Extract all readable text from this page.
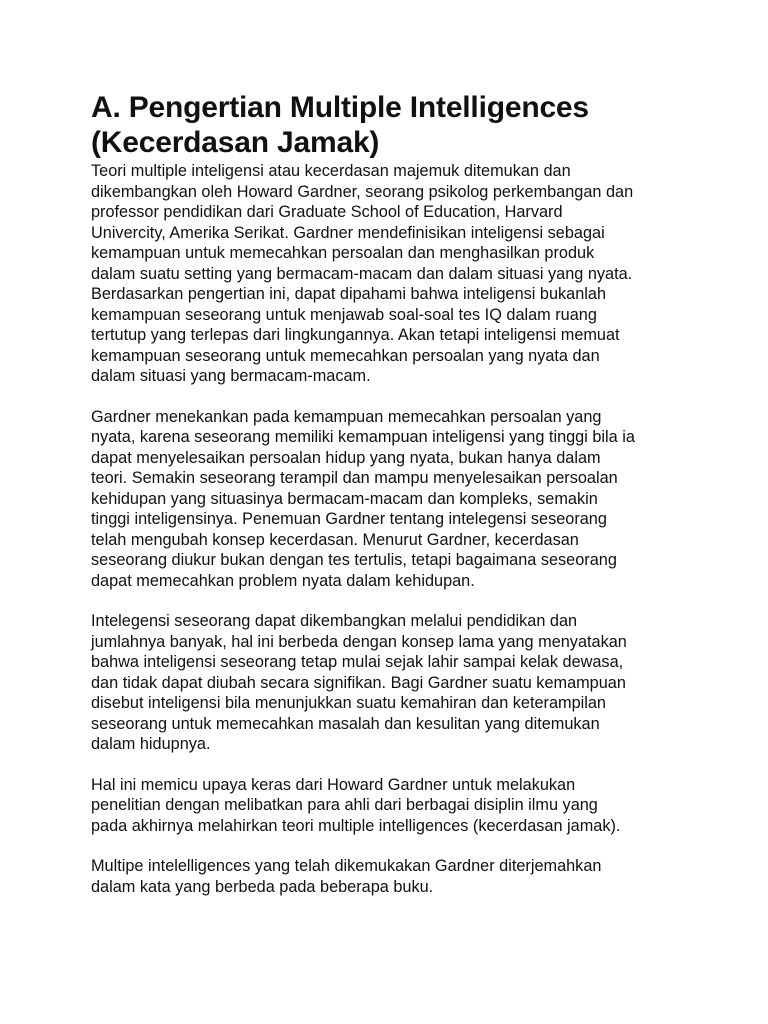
A. Pengertian Multiple Intelligences
(Kecerdasan Jamak)

Teori multiple inteligensi atau kecerdasan majemuk ditemukan dan
dikembangkan oleh Howard Gardner, seorang psikolog perkembangan dan
professor pendidikan dari Graduate School of Education, Harvard
Univercity, Amerika Serikat. Gardner mendefinisikan inteligensi sebagai
kemampuan untuk memecahkan persoalan dan menghasilkan produk
dalam suatu setting yang bermacam-macam dan dalam situasi yang nyata.
Berdasarkan pengertian ini, dapat dipahami bahwa inteligensi bukanlah
kemampuan seseorang untuk menjawab soal-soal tes IQ dalam ruang
tertutup yang terlepas dari lingkungannya. Akan tetapi inteligensi memuat
kemampuan seseorang untuk memecahkan persoalan yang nyata dan
dalam situasi yang bermacam-macam.

Gardner menekankan pada kemampuan memecahkan persoalan yang
nyata, karena seseorang memiliki kemampuan inteligensi yang tinggi bila ia
dapat menyelesaikan persoalan hidup yang nyata, bukan hanya dalam
teori. Semakin seseorang terampil dan mampu menyelesaikan persoalan
kehidupan yang situasinya bermacam-macam dan kompleks, semakin
tinggi inteligensinya. Penemuan Gardner tentang intelegensi seseorang
telah mengubah konsep kecerdasan. Menurut Gardner, kecerdasan
seseorang diukur bukan dengan tes tertulis, tetapi bagaimana seseorang
dapat memecahkan problem nyata dalam kehidupan.

Intelegensi seseorang dapat dikembangkan melalui pendidikan dan
jumlahnya banyak, hal ini berbeda dengan konsep lama yang menyatakan
bahwa inteligensi seseorang tetap mulai sejak lahir sampai kelak dewasa,
dan tidak dapat diubah secara signifikan. Bagi Gardner suatu kemampuan
disebut inteligensi bila menunjukkan suatu kemahiran dan keterampilan
seseorang untuk memecahkan masalah dan kesulitan yang ditemukan
dalam hidupnya.

Hal ini memicu upaya keras dari Howard Gardner untuk melakukan
penelitian dengan melibatkan para ahli dari berbagai disiplin ilmu yang
pada akhirnya melahirkan teori multiple intelligences (kecerdasan jamak).

Multipe intelelligences yang telah dikemukakan Gardner diterjemahkan
dalam kata yang berbeda pada beberapa buku.
